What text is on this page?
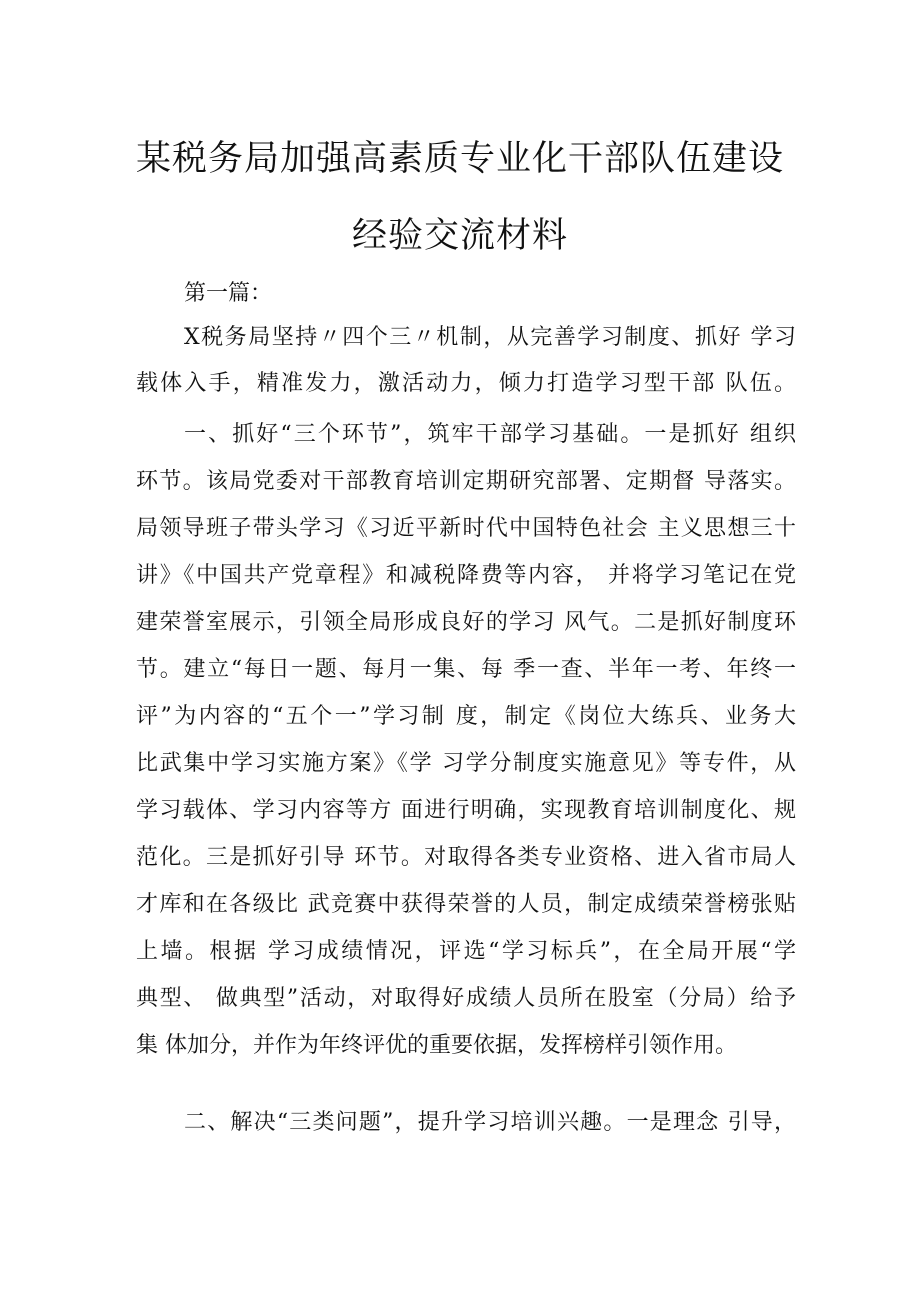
某税务局加强高素质专业化干部队伍建设
经验交流材料
第一篇：
X税务局坚持〃四个三〃机制，从完善学习制度、抓好 学习
载体入手，精准发力，激活动力，倾力打造学习型干部 队伍。
一、抓好“三个环节”，筑牢干部学习基础。一是抓好 组织
环节。该局党委对干部教育培训定期研究部署、定期督 导落实。
局领导班子带头学习《习近平新时代中国特色社会 主义思想三十
讲》《中国共产党章程》和减税降费等内容， 并将学习笔记在党
建荣誉室展示，引领全局形成良好的学习 风气。二是抓好制度环
节。建立“每日一题、每月一集、每 季一查、半年一考、年终一
评”为内容的“五个一”学习制 度，制定《岗位大练兵、业务大
比武集中学习实施方案》《学 习学分制度实施意见》等专件，从
学习载体、学习内容等方 面进行明确，实现教育培训制度化、规
范化。三是抓好引导 环节。对取得各类专业资格、进入省市局人
才库和在各级比 武竞赛中获得荣誉的人员，制定成绩荣誉榜张贴
上墙。根据 学习成绩情况，评选“学习标兵”，在全局开展“学
典型、 做典型”活动，对取得好成绩人员所在股室（分局）给予
集 体加分，并作为年终评优的重要依据，发挥榜样引领作用。
二、解决“三类问题”，提升学习培训兴趣。一是理念 引导，
